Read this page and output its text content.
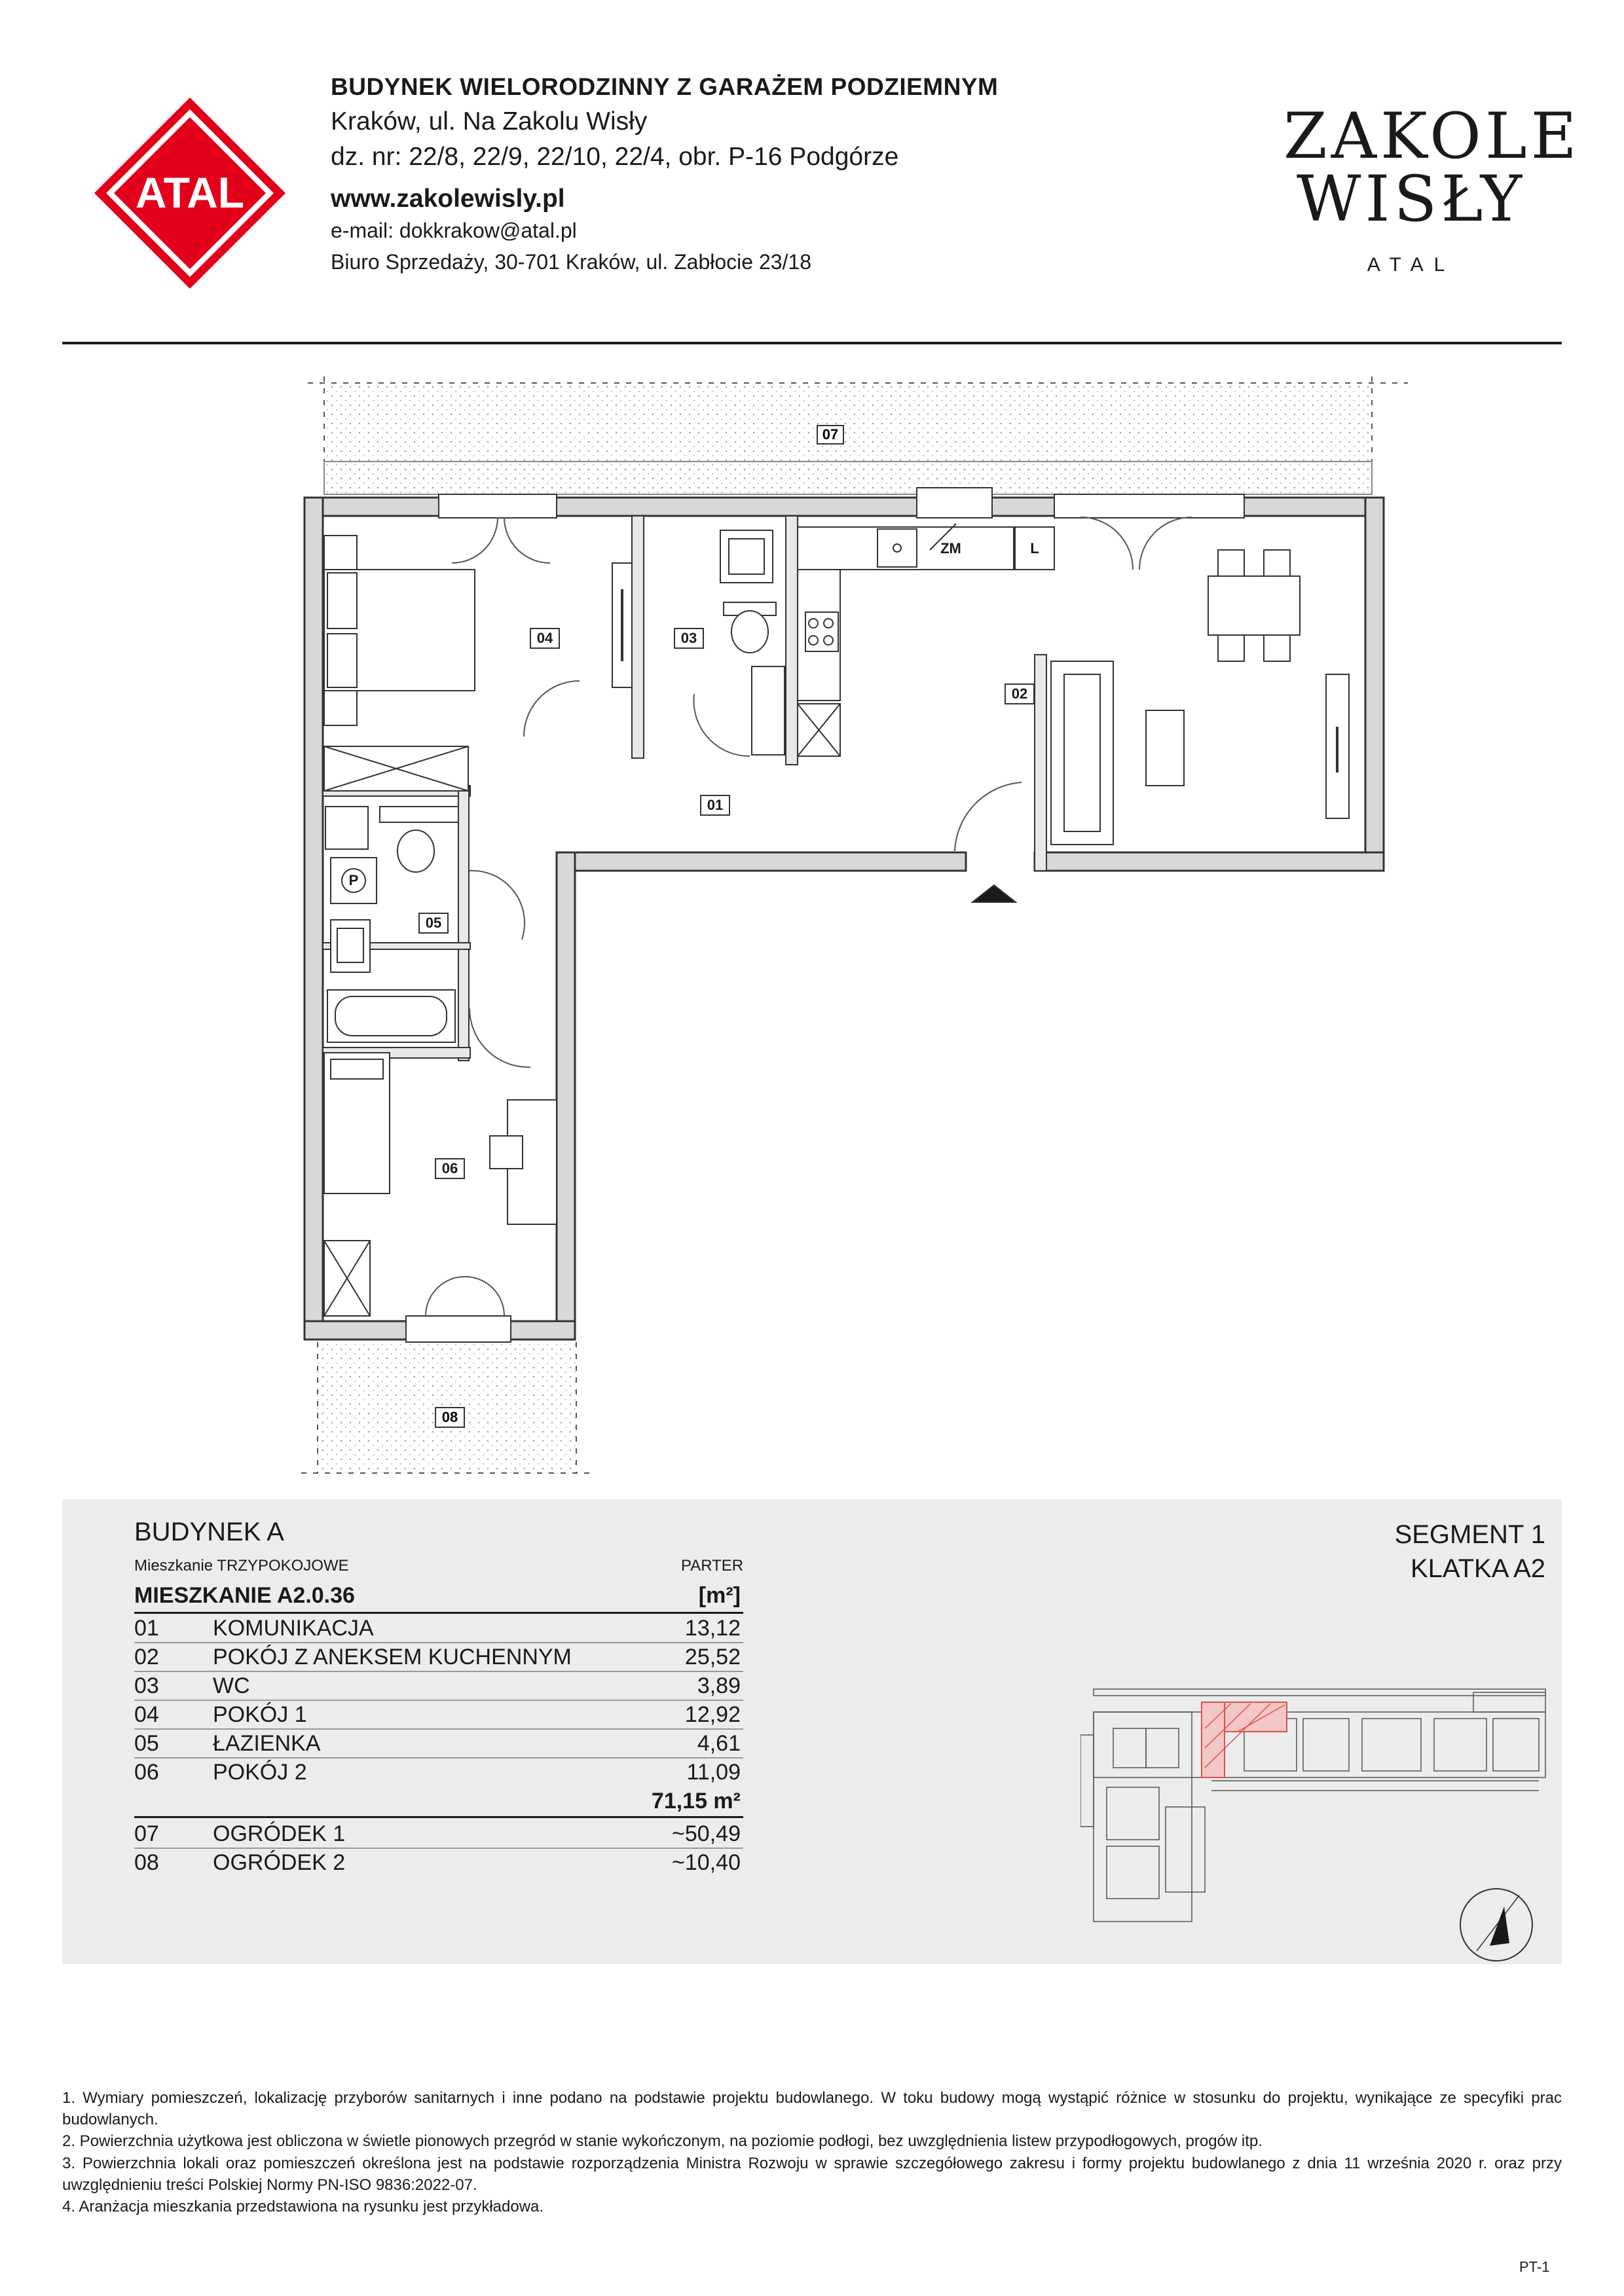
ATAL
BUDYNEK WIELORODZINNY Z GARAŻEM PODZIEMNYM
Kraków, ul. Na Zakolu Wisły
dz. nr: 22/8, 22/9, 22/10, 22/4, obr. P-16 Podgórze
www.zakolewisly.pl
e-mail: dokkrakow@atal.pl
Biuro Sprzedaży, 30-701 Kraków, ul. Zabłocie 23/18
ZAKOLE
WISŁY
ATAL
07
04	03
L
ZM
02
01
P
05
06
08
BUDYNEK A
Mieszkanie TRZYPOKOJOWE	PARTER
MIESZKANIE A2.0.36	[m²]
01 KOMUNIKACJA	13,12
02 POKÓJ Z ANEKSEM KUCHENNYM	25,52
03 WC	3,89
04 POKÓJ 1	12,92
05 ŁAZIENKA	4,61
06 POKÓJ 2	11,09
71,15 m²
07 OGRÓDEK 1	~50,49
08 OGRÓDEK 2	~10,40
SEGMENT 1
KLATKA A2
1. Wymiary pomieszczeń, lokalizację przyborów sanitarnych i inne podano na podstawie projektu budowlanego. W toku budowy mogą wystąpić różnice w stosunku do projektu, wynikające ze specyfiki prac budowlanych.
2. Powierzchnia użytkowa jest obliczona w świetle pionowych przegród w stanie wykończonym, na poziomie podłogi, bez uwzględnienia listew przypodłogowych, progów itp.
3. Powierzchnia lokali oraz pomieszczeń określona jest na podstawie rozporządzenia Ministra Rozwoju w sprawie szczegółowego zakresu i formy projektu budowlanego z dnia 11 września 2020 r. oraz przy uwzględnieniu treści Polskiej Normy PN-ISO 9836:2022-07.
4. Aranżacja mieszkania przedstawiona na rysunku jest przykładowa.
PT-1
